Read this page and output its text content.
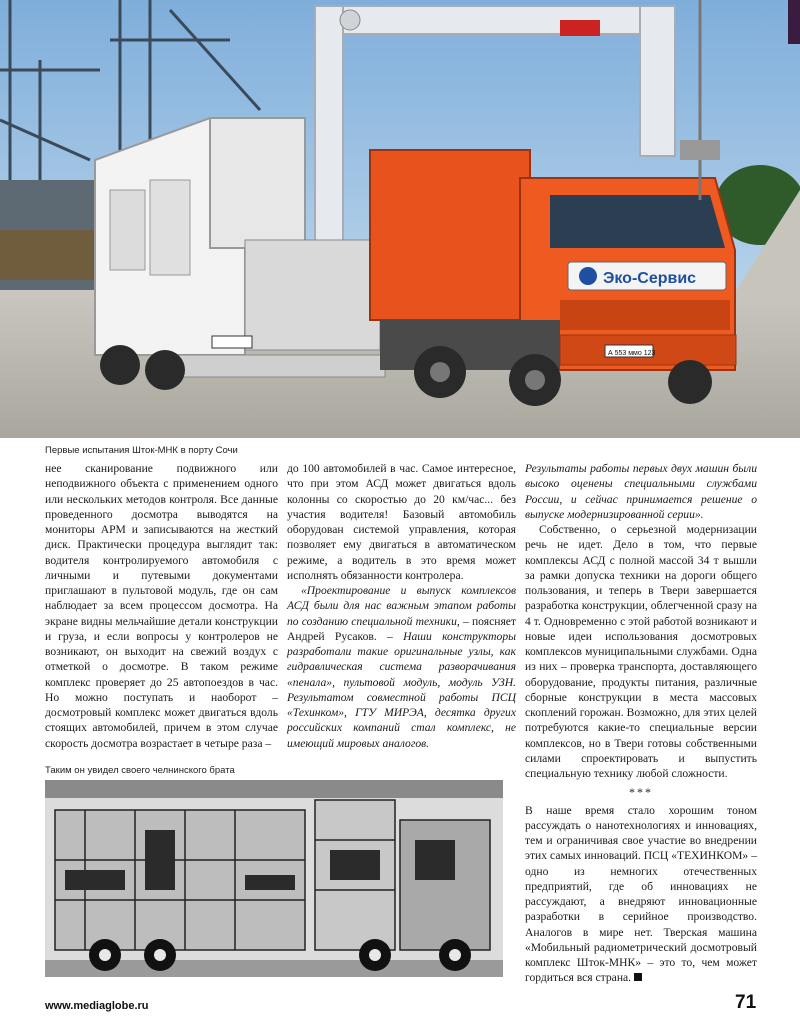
Эко-Сервис
А 553 ммо 123
Первые испытания Шток-МНК в порту Сочи

нее сканирование подвижного или неподвижного объекта с применением одного или нескольких методов контроля. Все данные проведенного досмотра выводятся на мониторы АРМ и записываются на жесткий диск. Практически процедура выглядит так: водителя контролируемого автомобиля с личными и путевыми документами приглашают в пультовой модуль, где он сам наблюдает за всем процессом досмотра. На экране видны мельчайшие детали конструкции и груза, и если вопросы у контролеров не возникают, он выходит на свежий воздух с отметкой о досмотре. В таком режиме комплекс проверяет до 25 автопоездов в час. Но можно поступать и наоборот – досмотровый комплекс может двигаться вдоль стоящих автомобилей, причем в этом случае скорость досмотра возрастает в четыре раза –

до 100 автомобилей в час. Самое интересное, что при этом АСД может двигаться вдоль колонны со скоростью до 20 км/час... без участия водителя! Базовый автомобиль оборудован системой управления, которая позволяет ему двигаться в автоматическом режиме, а водитель в это время может исполнять обязанности контролера.

«Проектирование и выпуск комплексов АСД были для нас важным этапом работы по созданию специальной техники, – поясняет Андрей Русаков. – Наши конструкторы разработали такие оригинальные узлы, как гидравлическая система разворачивания «пенала», пультовой модуль, модуль УЗН. Результатом совместной работы ПСЦ «Техинком», ГТУ МИРЭА, десятка других российских компаний стал комплекс, не имеющий мировых аналогов.

Результаты работы первых двух машин были высоко оценены специальными службами России, и сейчас принимается решение о выпуске модернизированной серии».

Собственно, о серьезной модернизации речь не идет. Дело в том, что первые комплексы АСД с полной массой 34 т вышли за рамки допуска техники на дороги общего пользования, и теперь в Твери завершается разработка конструкции, облегченной сразу на 4 т. Одновременно с этой работой возникают и новые идеи использования досмотровых комплексов муниципальными службами. Одна из них – проверка транспорта, доставляющего оборудование, продукты питания, различные сборные конструкции в места массовых скоплений горожан. Возможно, для этих целей потребуются какие-то специальные версии комплексов, но в Твери готовы собственными силами спроектировать и выпустить специальную технику любой сложности.

***

В наше время стало хорошим тоном рассуждать о нанотехнологиях и инновациях, тем и ограничивая свое участие во внедрении этих самых инноваций. ПСЦ «ТЕХИНКОМ» – одно из немногих отечественных предприятий, где об инновациях не рассуждают, а внедряют инновационные разработки в серийное производство. Аналогов в мире нет. Тверская машина «Мобильный радиометрический досмотровый комплекс Шток-МНК» – это то, чем может гордиться вся страна.

Таким он увидел своего челнинского брата
www.mediaglobe.ru	71
